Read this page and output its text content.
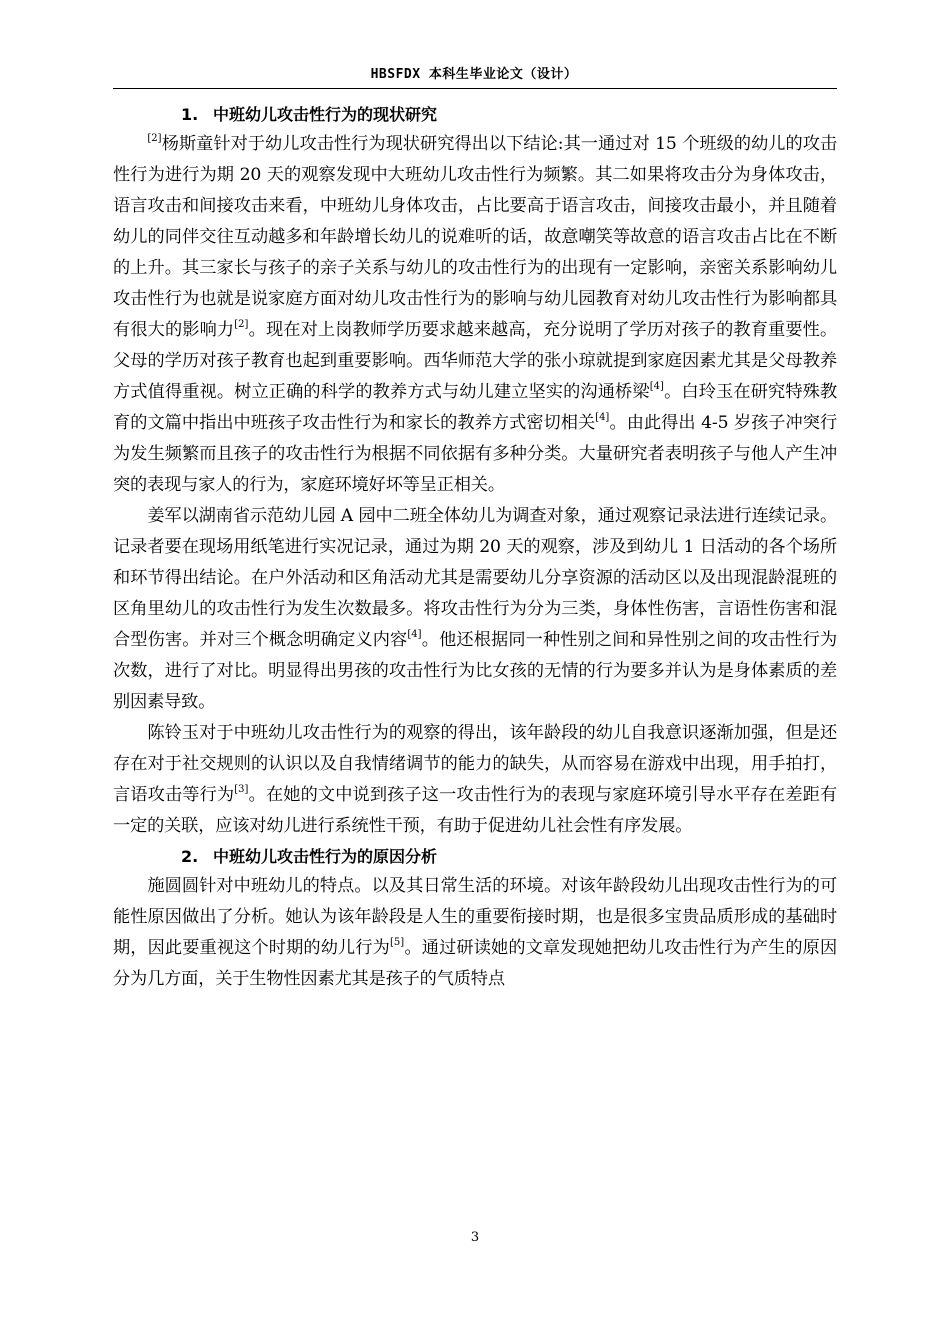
HBSFDX 本科生毕业论文（设计）
1. 中班幼儿攻击性行为的现状研究

[2]杨斯童针对于幼儿攻击性行为现状研究得出以下结论:其一通过对 15 个班级的幼儿的攻击性行为进行为期 20 天的观察发现中大班幼儿攻击性行为频繁。其二如果将攻击分为身体攻击，语言攻击和间接攻击来看，中班幼儿身体攻击，占比要高于语言攻击，间接攻击最小，并且随着幼儿的同伴交往互动越多和年龄增长幼儿的说难听的话，故意嘲笑等故意的语言攻击占比在不断的上升。其三家长与孩子的亲子关系与幼儿的攻击性行为的出现有一定影响，亲密关系影响幼儿攻击性行为也就是说家庭方面对幼儿攻击性行为的影响与幼儿园教育对幼儿攻击性行为影响都具有很大的影响力[2]。现在对上岗教师学历要求越来越高，充分说明了学历对孩子的教育重要性。父母的学历对孩子教育也起到重要影响。西华师范大学的张小琼就提到家庭因素尤其是父母教养方式值得重视。树立正确的科学的教养方式与幼儿建立坚实的沟通桥梁[4]。白玲玉在研究特殊教育的文篇中指出中班孩子攻击性行为和家长的教养方式密切相关[4]。由此得出 4-5 岁孩子冲突行为发生频繁而且孩子的攻击性行为根据不同依据有多种分类。大量研究者表明孩子与他人产生冲突的表现与家人的行为，家庭环境好坏等呈正相关。

姜军以湖南省示范幼儿园 A 园中二班全体幼儿为调查对象，通过观察记录法进行连续记录。记录者要在现场用纸笔进行实况记录，通过为期 20 天的观察，涉及到幼儿 1 日活动的各个场所和环节得出结论。在户外活动和区角活动尤其是需要幼儿分享资源的活动区以及出现混龄混班的区角里幼儿的攻击性行为发生次数最多。将攻击性行为分为三类，身体性伤害，言语性伤害和混合型伤害。并对三个概念明确定义内容[4]。他还根据同一种性别之间和异性别之间的攻击性行为次数，进行了对比。明显得出男孩的攻击性行为比女孩的无情的行为要多并认为是身体素质的差别因素导致。

陈铃玉对于中班幼儿攻击性行为的观察的得出，该年龄段的幼儿自我意识逐渐加强，但是还存在对于社交规则的认识以及自我情绪调节的能力的缺失，从而容易在游戏中出现，用手拍打，言语攻击等行为[3]。在她的文中说到孩子这一攻击性行为的表现与家庭环境引导水平存在差距有一定的关联，应该对幼儿进行系统性干预，有助于促进幼儿社会性有序发展。

2. 中班幼儿攻击性行为的原因分析

施圆圆针对中班幼儿的特点。以及其日常生活的环境。对该年龄段幼儿出现攻击性行为的可能性原因做出了分析。她认为该年龄段是人生的重要衔接时期，也是很多宝贵品质形成的基础时期，因此要重视这个时期的幼儿行为[5]。通过研读她的文章发现她把幼儿攻击性行为产生的原因分为几方面，关于生物性因素尤其是孩子的气质特点

3
